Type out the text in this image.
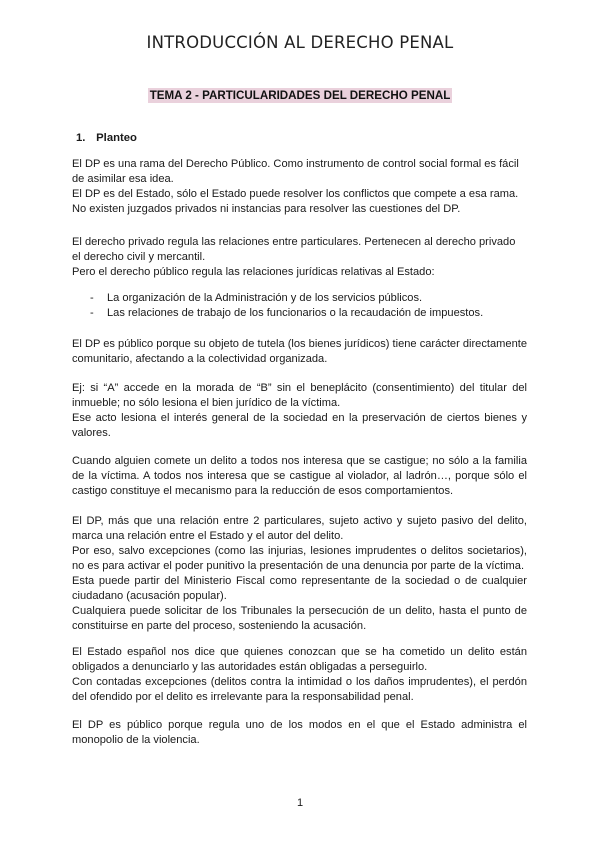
INTRODUCCIÓN AL DERECHO PENAL
TEMA 2 - PARTICULARIDADES DEL DERECHO PENAL
1. Planteo

El DP es una rama del Derecho Público. Como instrumento de control social formal es fácil de asimilar esa idea.

El DP es del Estado, sólo el Estado puede resolver los conflictos que compete a esa rama.

No existen juzgados privados ni instancias para resolver las cuestiones del DP.

El derecho privado regula las relaciones entre particulares. Pertenecen al derecho privado el derecho civil y mercantil.

Pero el derecho público regula las relaciones jurídicas relativas al Estado:

- La organización de la Administración y de los servicios públicos.
- Las relaciones de trabajo de los funcionarios o la recaudación de impuestos.

El DP es público porque su objeto de tutela (los bienes jurídicos) tiene carácter directamente comunitario, afectando a la colectividad organizada.

Ej: si “A” accede en la morada de “B” sin el beneplácito (consentimiento) del titular del inmueble; no sólo lesiona el bien jurídico de la víctima.

Ese acto lesiona el interés general de la sociedad en la preservación de ciertos bienes y valores.

Cuando alguien comete un delito a todos nos interesa que se castigue; no sólo a la familia de la víctima. A todos nos interesa que se castigue al violador, al ladrón…, porque sólo el castigo constituye el mecanismo para la reducción de esos comportamientos.

El DP, más que una relación entre 2 particulares, sujeto activo y sujeto pasivo del delito, marca una relación entre el Estado y el autor del delito.

Por eso, salvo excepciones (como las injurias, lesiones imprudentes o delitos societarios), no es para activar el poder punitivo la presentación de una denuncia por parte de la víctima.

Esta puede partir del Ministerio Fiscal como representante de la sociedad o de cualquier ciudadano (acusación popular).

Cualquiera puede solicitar de los Tribunales la persecución de un delito, hasta el punto de constituirse en parte del proceso, sosteniendo la acusación.

El Estado español nos dice que quienes conozcan que se ha cometido un delito están obligados a denunciarlo y las autoridades están obligadas a perseguirlo.

Con contadas excepciones (delitos contra la intimidad o los daños imprudentes), el perdón del ofendido por el delito es irrelevante para la responsabilidad penal.

El DP es público porque regula uno de los modos en el que el Estado administra el monopolio de la violencia.

1
